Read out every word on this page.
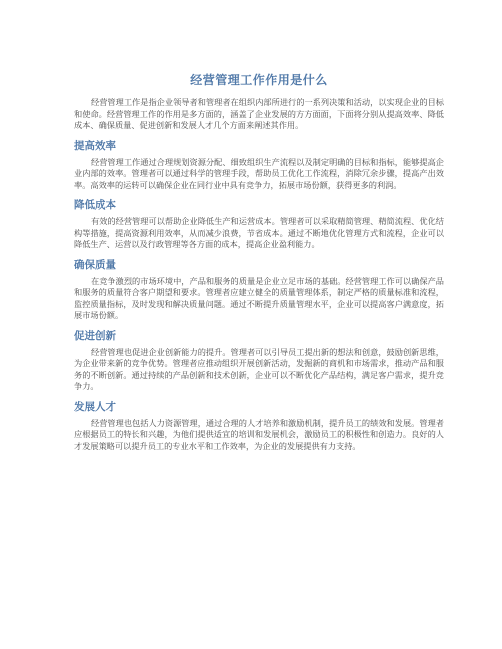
经营管理工作作用是什么

经营管理工作是指企业领导者和管理者在组织内部所进行的一系列决策和活动，以实现企业的目标和使命。经营管理工作的作用是多方面的，涵盖了企业发展的方方面面，下面将分别从提高效率、降低成本、确保质量、促进创新和发展人才几个方面来阐述其作用。

提高效率

经营管理工作通过合理规划资源分配、细致组织生产流程以及制定明确的目标和指标，能够提高企业内部的效率。管理者可以通过科学的管理手段，帮助员工优化工作流程，消除冗余步骤，提高产出效率。高效率的运转可以确保企业在同行业中具有竞争力，拓展市场份额，获得更多的利润。

降低成本

有效的经营管理可以帮助企业降低生产和运营成本。管理者可以采取精简管理、精简流程、优化结构等措施，提高资源利用效率，从而减少浪费，节省成本。通过不断地优化管理方式和流程，企业可以降低生产、运营以及行政管理等各方面的成本，提高企业盈利能力。

确保质量

在竞争激烈的市场环境中，产品和服务的质量是企业立足市场的基础。经营管理工作可以确保产品和服务的质量符合客户期望和要求。管理者应建立健全的质量管理体系，制定严格的质量标准和流程，监控质量指标，及时发现和解决质量问题。通过不断提升质量管理水平，企业可以提高客户满意度，拓展市场份额。

促进创新

经营管理也促进企业创新能力的提升。管理者可以引导员工提出新的想法和创意，鼓励创新思维，为企业带来新的竞争优势。管理者应推动组织开展创新活动，发掘新的商机和市场需求，推动产品和服务的不断创新。通过持续的产品创新和技术创新，企业可以不断优化产品结构，满足客户需求，提升竞争力。

发展人才

经营管理也包括人力资源管理，通过合理的人才培养和激励机制，提升员工的绩效和发展。管理者应根据员工的特长和兴趣，为他们提供适宜的培训和发展机会，激励员工的积极性和创造力。良好的人才发展策略可以提升员工的专业水平和工作效率，为企业的发展提供有力支持。
